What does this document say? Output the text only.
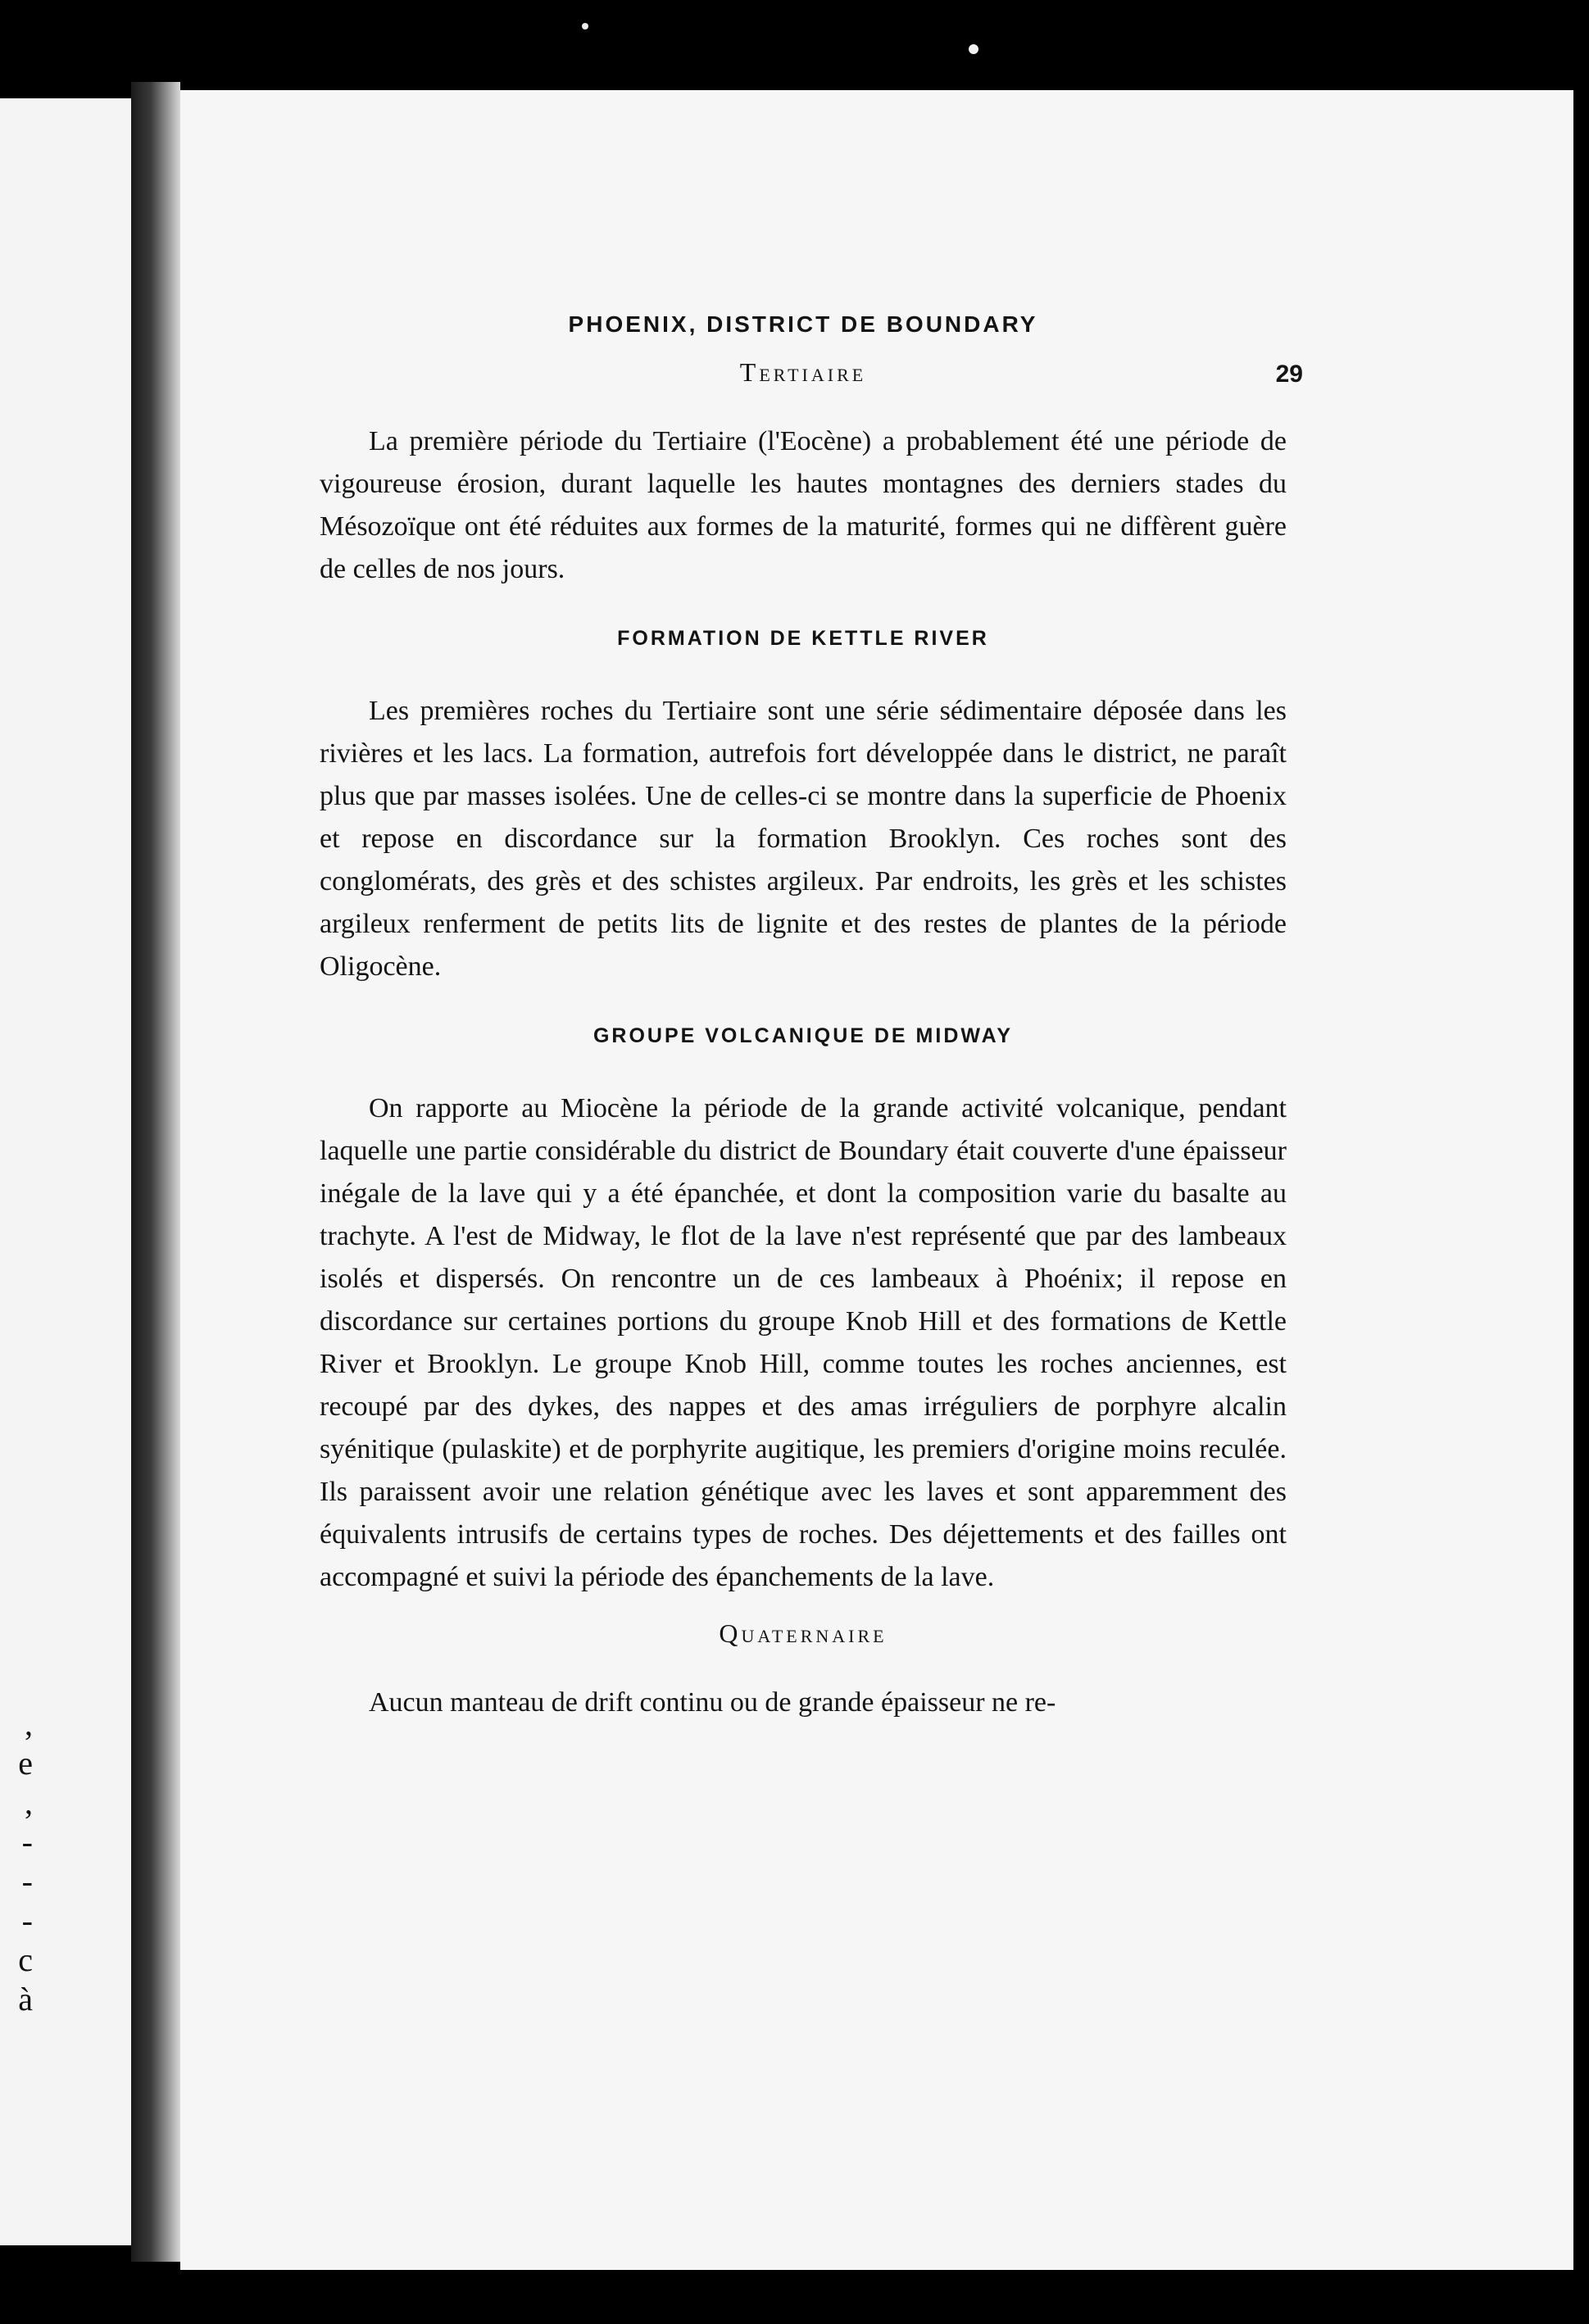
,
e
,
-
-
-
c
à
29
PHOENIX, DISTRICT DE BOUNDARY
Tertiaire

La première période du Tertiaire (l'Eocène) a probablement été une période de vigoureuse érosion, durant laquelle les hautes montagnes des derniers stades du Mésozoïque ont été réduites aux formes de la maturité, formes qui ne diffèrent guère de celles de nos jours.

FORMATION DE KETTLE RIVER

Les premières roches du Tertiaire sont une série sédimentaire déposée dans les rivières et les lacs. La formation, autrefois fort développée dans le district, ne paraît plus que par masses isolées. Une de celles-ci se montre dans la superficie de Phoenix et repose en discordance sur la formation Brooklyn. Ces roches sont des conglomérats, des grès et des schistes argileux. Par endroits, les grès et les schistes argileux renferment de petits lits de lignite et des restes de plantes de la période Oligocène.

GROUPE VOLCANIQUE DE MIDWAY

On rapporte au Miocène la période de la grande activité volcanique, pendant laquelle une partie considérable du district de Boundary était couverte d'une épaisseur inégale de la lave qui y a été épanchée, et dont la composition varie du basalte au trachyte. A l'est de Midway, le flot de la lave n'est représenté que par des lambeaux isolés et dispersés. On rencontre un de ces lambeaux à Phoénix; il repose en discordance sur certaines portions du groupe Knob Hill et des formations de Kettle River et Brooklyn. Le groupe Knob Hill, comme toutes les roches anciennes, est recoupé par des dykes, des nappes et des amas irréguliers de porphyre alcalin syénitique (pulaskite) et de porphyrite augitique, les premiers d'origine moins reculée. Ils paraissent avoir une relation génétique avec les laves et sont apparemment des équivalents intrusifs de certains types de roches. Des déjettements et des failles ont accompagné et suivi la période des épanchements de la lave.

Quaternaire

Aucun manteau de drift continu ou de grande épaisseur ne re-
